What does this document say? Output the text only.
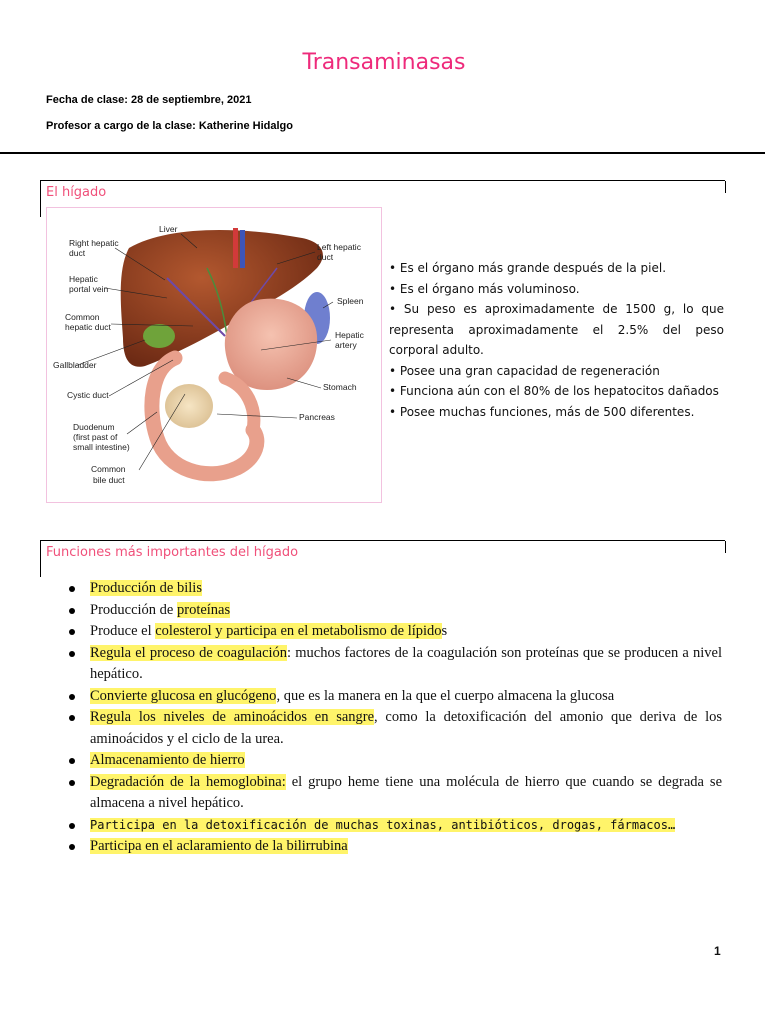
Transaminasas
Fecha de clase: 28 de septiembre, 2021
Profesor a cargo de la clase: Katherine Hidalgo
El hígado
Liver
Right hepatic
duct
Hepatic
portal vein
Common
hepatic duct
Gallbladder
Cystic duct
Duodenum
(first past of
small intestine)
Common
bile duct
Left hepatic
duct
Spleen
Hepatic
artery
Stomach
Pancreas
• Es el órgano más grande después de la piel.
• Es el órgano más voluminoso.
• Su peso es aproximadamente de 1500 g, lo que representa aproximadamente el 2.5% del peso corporal adulto.
• Posee una gran capacidad de regeneración
• Funciona aún con el 80% de los hepatocitos dañados
• Posee muchas funciones, más de 500 diferentes.
Funciones más importantes del hígado
Producción de bilis
Producción de proteínas
Produce el colesterol y participa en el metabolismo de lípidos
Regula el proceso de coagulación: muchos factores de la coagulación son proteínas que se producen a nivel hepático.
Convierte glucosa en glucógeno, que es la manera en la que el cuerpo almacena la glucosa
Regula los niveles de aminoácidos en sangre, como la detoxificación del amonio que deriva de los aminoácidos y el ciclo de la urea.
Almacenamiento de hierro
Degradación de la hemoglobina: el grupo heme tiene una molécula de hierro que cuando se degrada se almacena a nivel hepático.
Participa en la detoxificación de muchas toxinas, antibióticos, drogas, fármacos…
Participa en el aclaramiento de la bilirrubina
1
